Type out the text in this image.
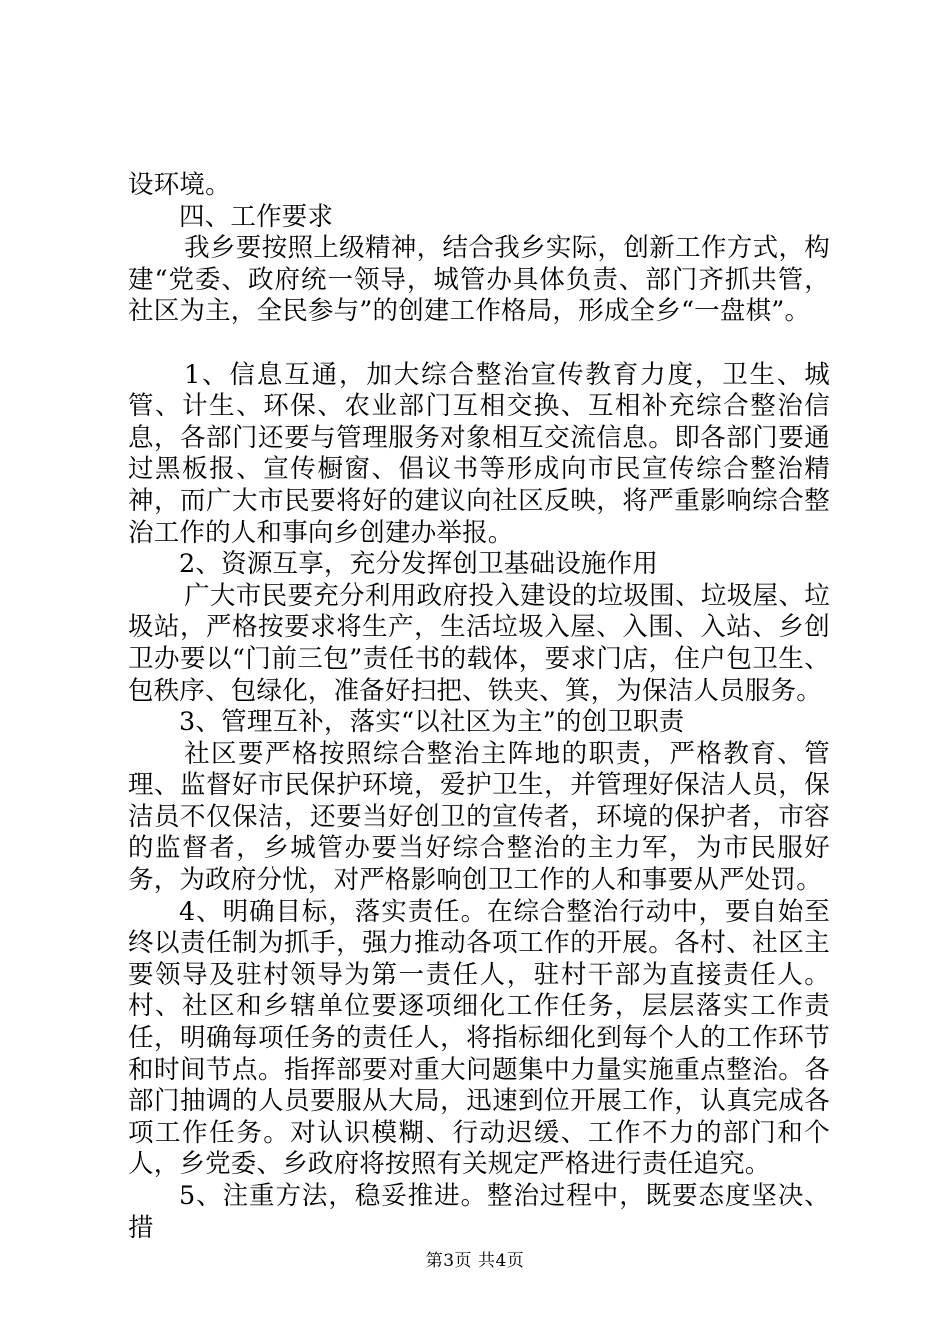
设环境。

四、工作要求

我乡要按照上级精神，结合我乡实际，创新工作方式，构建“党委、政府统一领导，城管办具体负责、部门齐抓共管，社区为主，全民参与”的创建工作格局，形成全乡“一盘棋”。

1、信息互通，加大综合整治宣传教育力度，卫生、城管、计生、环保、农业部门互相交换、互相补充综合整治信息，各部门还要与管理服务对象相互交流信息。即各部门要通过黑板报、宣传橱窗、倡议书等形成向市民宣传综合整治精神，而广大市民要将好的建议向社区反映，将严重影响综合整治工作的人和事向乡创建办举报。

2、资源互享，充分发挥创卫基础设施作用

广大市民要充分利用政府投入建设的垃圾围、垃圾屋、垃圾站，严格按要求将生产，生活垃圾入屋、入围、入站、乡创卫办要以“门前三包”责任书的载体，要求门店，住户包卫生、包秩序、包绿化，准备好扫把、铁夹、箕，为保洁人员服务。

3、管理互补，落实“以社区为主”的创卫职责

社区要严格按照综合整治主阵地的职责，严格教育、管理、监督好市民保护环境，爱护卫生，并管理好保洁人员，保洁员不仅保洁，还要当好创卫的宣传者，环境的保护者，市容的监督者，乡城管办要当好综合整治的主力军，为市民服好务，为政府分忧，对严格影响创卫工作的人和事要从严处罚。

4、明确目标，落实责任。在综合整治行动中，要自始至终以责任制为抓手，强力推动各项工作的开展。各村、社区主要领导及驻村领导为第一责任人，驻村干部为直接责任人。村、社区和乡辖单位要逐项细化工作任务，层层落实工作责任，明确每项任务的责任人，将指标细化到每个人的工作环节和时间节点。指挥部要对重大问题集中力量实施重点整治。各部门抽调的人员要服从大局，迅速到位开展工作，认真完成各项工作任务。对认识模糊、行动迟缓、工作不力的部门和个人，乡党委、乡政府将按照有关规定严格进行责任追究。

5、注重方法，稳妥推进。整治过程中，既要态度坚决、措

第3页 共4页
